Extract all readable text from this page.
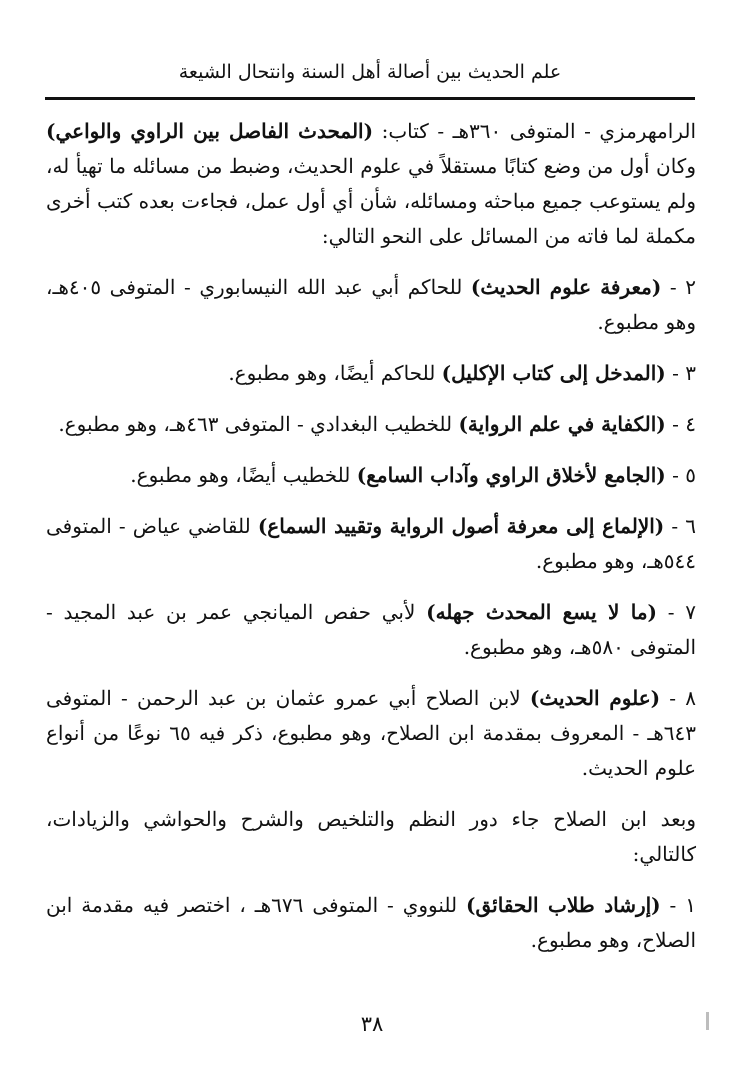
علم الحديث بين أصالة أهل السنة وانتحال الشيعة

الرامهرمزي - المتوفى ٣٦٠هـ - كتاب: (المحدث الفاصل بين الراوي والواعي) وكان أول من وضع كتابًا مستقلاً في علوم الحديث، وضبط من مسائله ما تهيأ له، ولم يستوعب جميع مباحثه ومسائله، شأن أي أول عمل، فجاءت بعده كتب أخرى مكملة لما فاته من المسائل على النحو التالي:

٢ - (معرفة علوم الحديث) للحاكم أبي عبد الله النيسابوري - المتوفى ٤٠٥هـ، وهو مطبوع.

٣ - (المدخل إلى كتاب الإكليل) للحاكم أيضًا، وهو مطبوع.

٤ - (الكفاية في علم الرواية) للخطيب البغدادي - المتوفى ٤٦٣هـ، وهو مطبوع.

٥ - (الجامع لأخلاق الراوي وآداب السامع) للخطيب أيضًا، وهو مطبوع.

٦ - (الإلماع إلى معرفة أصول الرواية وتقييد السماع) للقاضي عياض - المتوفى ٥٤٤هـ، وهو مطبوع.

٧ - (ما لا يسع المحدث جهله) لأبي حفص الميانجي عمر بن عبد المجيد - المتوفى ٥٨٠هـ، وهو مطبوع.

٨ - (علوم الحديث) لابن الصلاح أبي عمرو عثمان بن عبد الرحمن - المتوفى ٦٤٣هـ - المعروف بمقدمة ابن الصلاح، وهو مطبوع، ذكر فيه ٦٥ نوعًا من أنواع علوم الحديث.

وبعد ابن الصلاح جاء دور النظم والتلخيص والشرح والحواشي والزيادات، كالتالي:

١ - (إرشاد طلاب الحقائق) للنووي - المتوفى ٦٧٦هـ ، اختصر فيه مقدمة ابن الصلاح، وهو مطبوع.

٣٨
